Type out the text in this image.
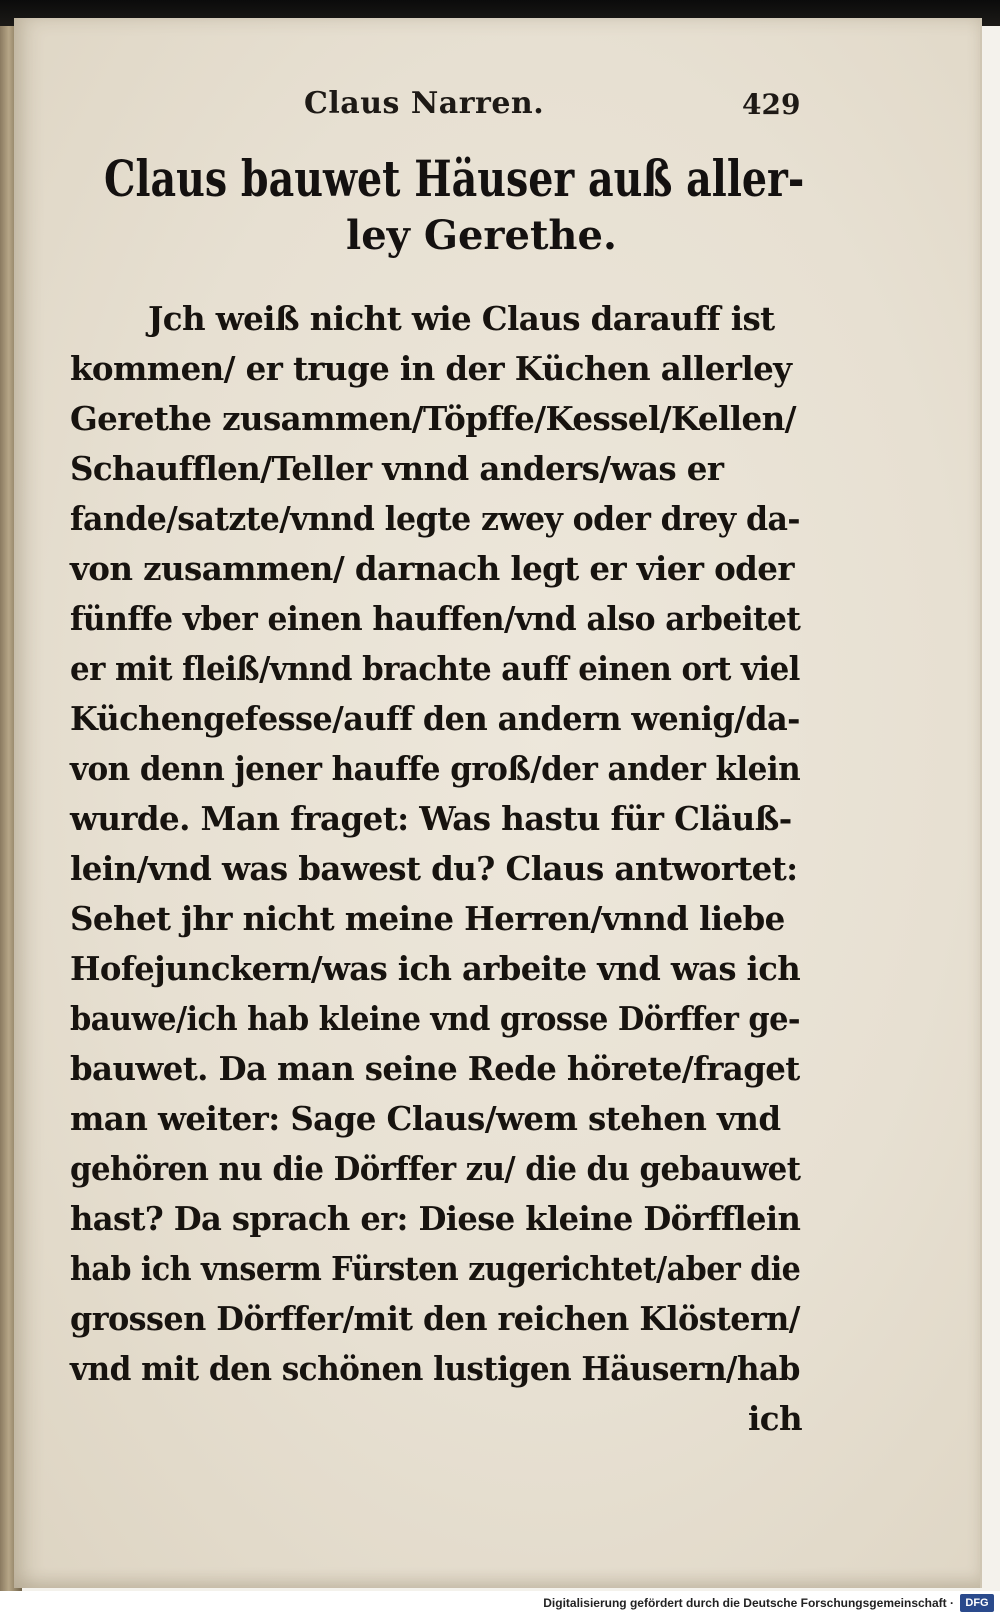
Claus Narren.	429
Claus bauwet Häuser auß aller-
ley Gerethe.
Jch weiß nicht wie Claus darauff ist
kommen/ er truge in der Küchen allerley
Gerethe zusammen/Töpffe/Kessel/Kellen/
Schaufflen/Teller vnnd anders/was er
fande/satzte/vnnd legte zwey oder drey da-
von zusammen/ darnach legt er vier oder
fünffe vber einen hauffen/vnd also arbeitet
er mit fleiß/vnnd brachte auff einen ort viel
Küchengefesse/auff den andern wenig/da-
von denn jener hauffe groß/der ander klein
wurde. Man fraget: Was hastu für Cläuß-
lein/vnd was bawest du? Claus antwortet:
Sehet jhr nicht meine Herren/vnnd liebe
Hofejunckern/was ich arbeite vnd was ich
bauwe/ich hab kleine vnd grosse Dörffer ge-
bauwet. Da man seine Rede hörete/fraget
man weiter: Sage Claus/wem stehen vnd
gehören nu die Dörffer zu/ die du gebauwet
hast? Da sprach er: Diese kleine Dörfflein
hab ich vnserm Fürsten zugerichtet/aber die
grossen Dörffer/mit den reichen Klöstern/
vnd mit den schönen lustigen Häusern/hab
ich
Digitalisierung gefördert durch die Deutsche Forschungsgemeinschaft ·	DFG
